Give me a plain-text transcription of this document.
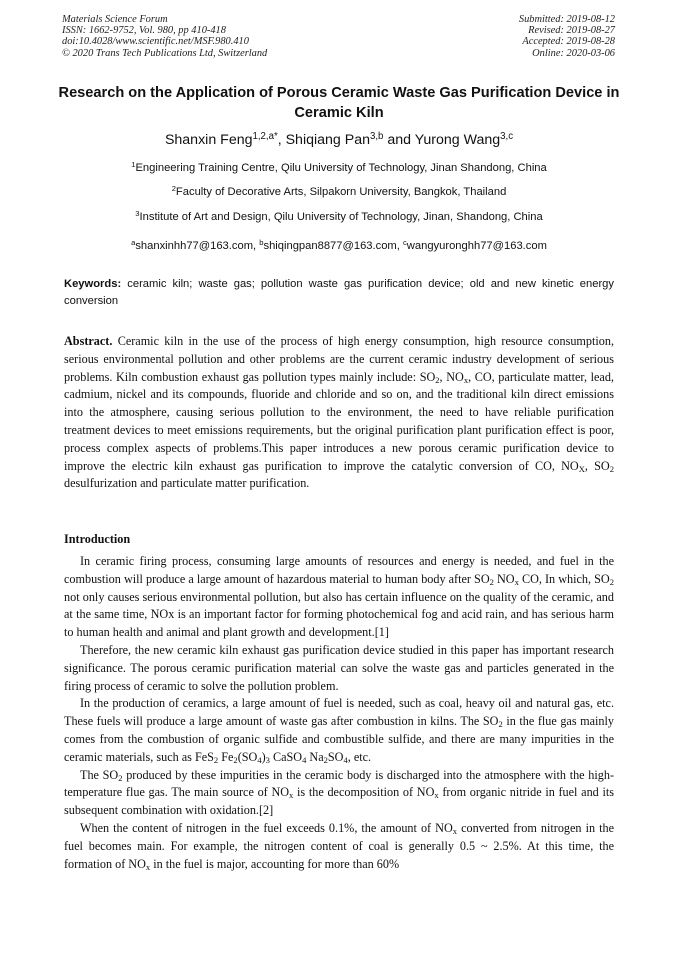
Materials Science Forum
ISSN: 1662-9752, Vol. 980, pp 410-418
doi:10.4028/www.scientific.net/MSF.980.410
© 2020 Trans Tech Publications Ltd, Switzerland
Submitted: 2019-08-12
Revised: 2019-08-27
Accepted: 2019-08-28
Online: 2020-03-06
Research on the Application of Porous Ceramic Waste Gas Purification Device in Ceramic Kiln
Shanxin Feng$^{1,2,a*}$, Shiqiang Pan$^{3,b}$ and Yurong Wang$^{3,c}$
$^1$Engineering Training Centre, Qilu University of Technology, Jinan Shandong, China
$^2$Faculty of Decorative Arts, Silpakorn University, Bangkok, Thailand
$^3$Institute of Art and Design, Qilu University of Technology, Jinan, Shandong, China
$^a$shanxinhh77@163.com, $^b$shiqingpan8877@163.com, $^c$wangyuronghh77@163.com

Keywords: ceramic kiln; waste gas; pollution waste gas purification device; old and new kinetic energy conversion

Abstract. Ceramic kiln in the use of the process of high energy consumption, high resource consumption, serious environmental pollution and other problems are the current ceramic industry development of serious problems. Kiln combustion exhaust gas pollution types mainly include: $SO_2$, $NO_x$, CO, particulate matter, lead, cadmium, nickel and its compounds, fluoride and chloride and so on, and the traditional kiln direct emissions into the atmosphere, causing serious pollution to the environment, the need to have reliable purification treatment devices to meet emissions requirements, but the original purification plant purification effect is poor, process complex aspects of problems.This paper introduces a new porous ceramic purification device to improve the electric kiln exhaust gas purification to improve the catalytic conversion of CO, $NO_X$, $SO_2$ desulfurization and particulate matter purification.

Introduction

In ceramic firing process, consuming large amounts of resources and energy is needed, and fuel in the combustion will produce a large amount of hazardous material to human body after $SO_2$ $NO_x$ CO, In which, $SO_2$ not only causes serious environmental pollution, but also has certain influence on the quality of the ceramic, and at the same time, NOx is an important factor for forming photochemical fog and acid rain, and has serious harm to human health and animal and plant growth and development.[1]

Therefore, the new ceramic kiln exhaust gas purification device studied in this paper has important research significance. The porous ceramic purification material can solve the waste gas and particles generated in the firing process of ceramic to solve the pollution problem.

In the production of ceramics, a large amount of fuel is needed, such as coal, heavy oil and natural gas, etc. These fuels will produce a large amount of waste gas after combustion in kilns. The $SO_2$ in the flue gas mainly comes from the combustion of organic sulfide and combustible sulfide, and there are many impurities in the ceramic materials, such as FeS$_2$ $Fe_2(SO_4)_3$ CaSO$_4$ $Na_2SO_4$, etc.

The $SO_2$ produced by these impurities in the ceramic body is discharged into the atmosphere with the high-temperature flue gas. The main source of $NO_x$ is the decomposition of $NO_x$ from organic nitride in fuel and its subsequent combination with oxidation.[2]

When the content of nitrogen in the fuel exceeds 0.1%, the amount of $NO_x$ converted from nitrogen in the fuel becomes main. For example, the nitrogen content of coal is generally 0.5 ~ 2.5%. At this time, the formation of $NO_x$ in the fuel is major, accounting for more than 60%
